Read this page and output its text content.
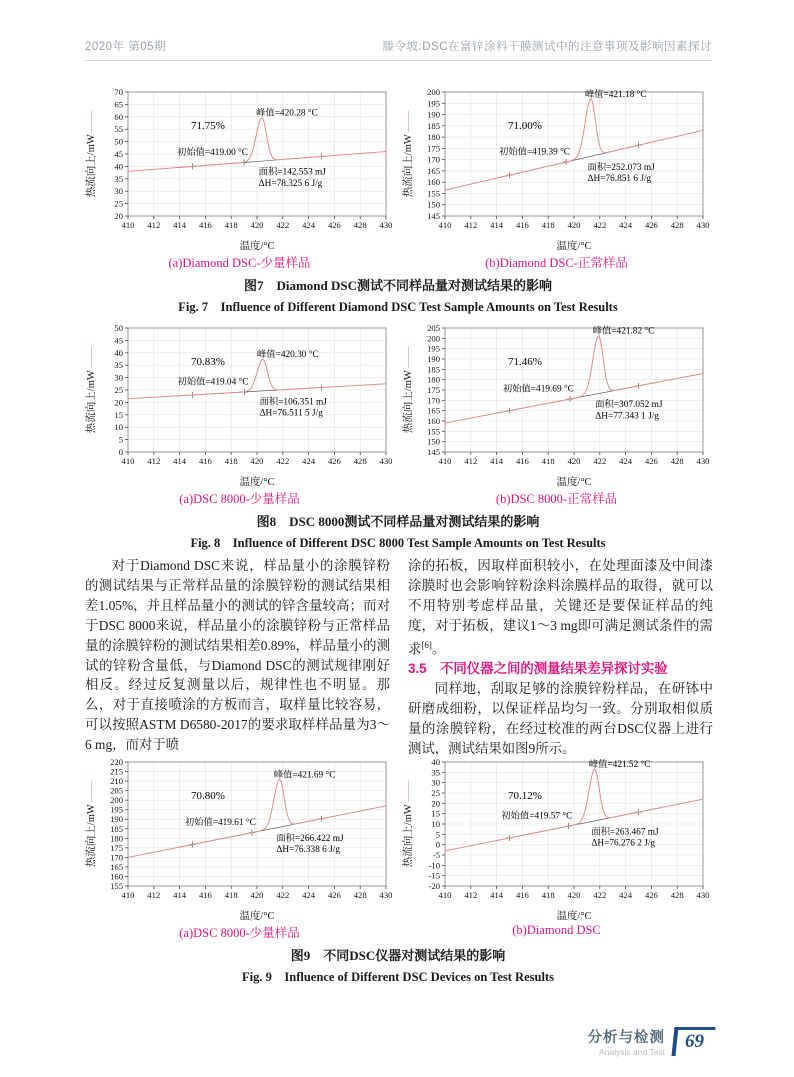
2020年 第05期	滕令坡:DSC在富锌涂料干膜测试中的注意事项及影响因素探讨
410 412 414 416 418 420 422 424 426 428 430
20
25
30
35
40
45
50
55
60
65
70
温度/°C
热流向上/mW ——
71.75%
峰值=420.28 °C
初始值=419.00 °C
面积=142.553 mJ
ΔH=78.325 6 J/g
(a)Diamond DSC-少量样品
410 412 414 416 418 420 422 424 426 428 430
145
150
155
160
165
170
175
180
185
190
195
200
温度/°C
热流向上/mW ——
71.00%
峰值=421.18 °C
初始值=419.39 °C
面积=252.073 mJ
ΔH=76.851 6 J/g
(b)Diamond DSC-正常样品
图7　Diamond DSC测试不同样品量对测试结果的影响
Fig. 7　Influence of Different Diamond DSC Test Sample Amounts on Test Results
410 412 414 416 418 420 422 424 426 428 430
0
5
10
15
20
25
30
35
40
45
50
温度/°C
热流向上/mW ——
70.83%
峰值=420.30 °C
初始值=419.04 °C
面积=106.351 mJ
ΔH=76.511 5 J/g
(a)DSC 8000-少量样品
410 412 414 416 418 420 422 424 426 428 430
145
150
155
160
165
170
175
180
185
190
195
200
205
温度/°C
热流向上/mW ——
71.46%
峰值=421.82 °C
初始值=419.69 °C
面积=307.052 mJ
ΔH=77.343 1 J/g
(b)DSC 8000-正常样品
图8　DSC 8000测试不同样品量对测试结果的影响
Fig. 8　Influence of Different DSC 8000 Test Sample Amounts on Test Results

对于Diamond DSC来说，样品量小的涂膜锌粉的测试结果与正常样品量的涂膜锌粉的测试结果相差1.05%，并且样品量小的测试的锌含量较高；而对于DSC 8000来说，样品量小的涂膜锌粉与正常样品量的涂膜锌粉的测试结果相差0.89%，样品量小的测试的锌粉含量低，与Diamond DSC的测试规律刚好相反。经过反复测量以后，规律性也不明显。那么，对于直接喷涂的方板而言，取样量比较容易，可以按照ASTM D6580-2017的要求取样样品量为3～6 mg，而对于喷

涂的拓板，因取样面积较小，在处理面漆及中间漆涂膜时也会影响锌粉涂料涂膜样品的取得，就可以不用特别考虑样品量，关键还是要保证样品的纯度，对于拓板，建议1～3 mg即可满足测试条件的需求[6]。

3.5　不同仪器之间的测量结果差异探讨实验

同样地，刮取足够的涂膜锌粉样品，在研钵中研磨成细粉，以保证样品均匀一致。分别取相似质量的涂膜锌粉，在经过校准的两台DSC仪器上进行测试，测试结果如图9所示。

410 412 414 416 418 420 422 424 426 428 430
155
160
165
170
175
180
185
190
195
200
205
210
215
220
温度/°C
热流向上/mW ——
70.80%
峰值=421.69 °C
初始值=419.61 °C
面积=266.422 mJ
ΔH=76.338 6 J/g
(a)DSC 8000-少量样品
410 412 414 416 418 420 422 424 426 428 430
-20
-15
-10
-5
0
5
10
15
20
25
30
35
40
温度/°C
热流向上/mW ——
70.12%
峰值=421.52 °C
初始值=419.57 °C
面积=263.467 mJ
ΔH=76.276 2 J/g
(b)Diamond DSC
图9　不同DSC仪器对测试结果的影响
Fig. 9　Influence of Different DSC Devices on Test Results
分析与检测
Analysis and Test 69
